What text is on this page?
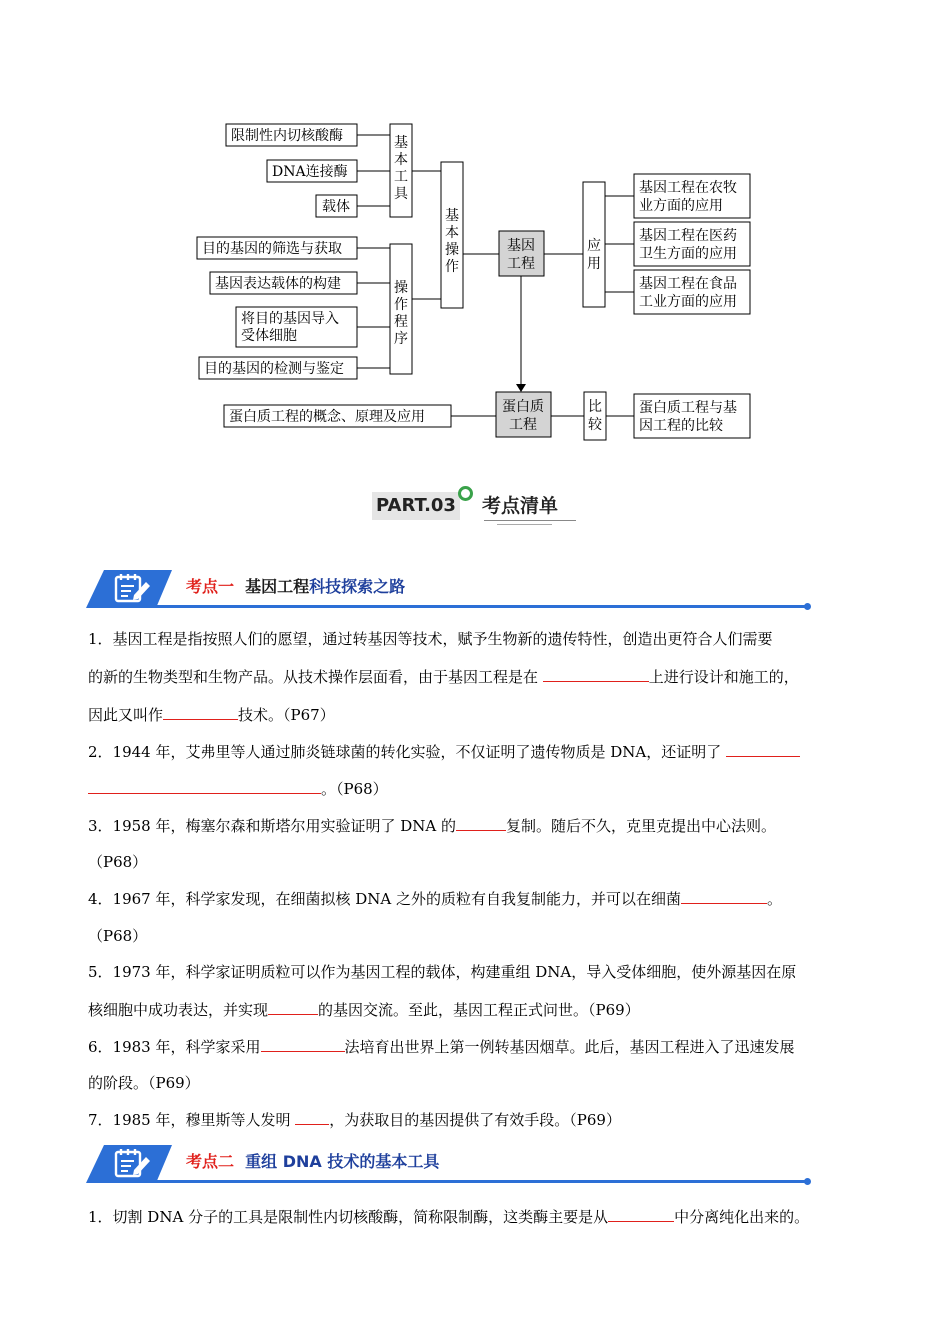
限制性内切核酸酶
DNA连接酶
载体
基
本
工
具
目的基因的筛选与获取
基因表达载体的构建
将目的基因导入
受体细胞
目的基因的检测与鉴定
操
作
程
序
基
本
操
作
基因
工程
应
用
基因工程在农牧
业方面的应用
基因工程在医药
卫生方面的应用
基因工程在食品
工业方面的应用
蛋白质
工程
蛋白质工程的概念、原理及应用
比
较
蛋白质工程与基
因工程的比较
PART.03 考点清单
考点一 基因工程科技探索之路
1．基因工程是指按照人们的愿望，通过转基因等技术，赋予生物新的遗传特性，创造出更符合人们需要
的新的生物类型和生物产品。从技术操作层面看，由于基因工程是在	上进行设计和施工的，
因此又叫作	技术。（P67）
2．1944 年，艾弗里等人通过肺炎链球菌的转化实验，不仅证明了遗传物质是 DNA，还证明了
。（P68）
3．1958 年，梅塞尔森和斯塔尔用实验证明了 DNA 的	复制。随后不久，克里克提出中心法则。
（P68）
4．1967 年，科学家发现，在细菌拟核 DNA 之外的质粒有自我复制能力，并可以在细菌	。
（P68）
5．1973 年，科学家证明质粒可以作为基因工程的载体，构建重组 DNA，导入受体细胞，使外源基因在原
核细胞中成功表达，并实现	的基因交流。至此，基因工程正式问世。（P69）
6．1983 年，科学家采用	法培育出世界上第一例转基因烟草。此后，基因工程进入了迅速发展
的阶段。（P69）
7．1985 年，穆里斯等人发明 ，为获取目的基因提供了有效手段。（P69）
考点二 重组 DNA 技术的基本工具
1．切割 DNA 分子的工具是限制性内切核酸酶，简称限制酶，这类酶主要是从	中分离纯化出来的。
